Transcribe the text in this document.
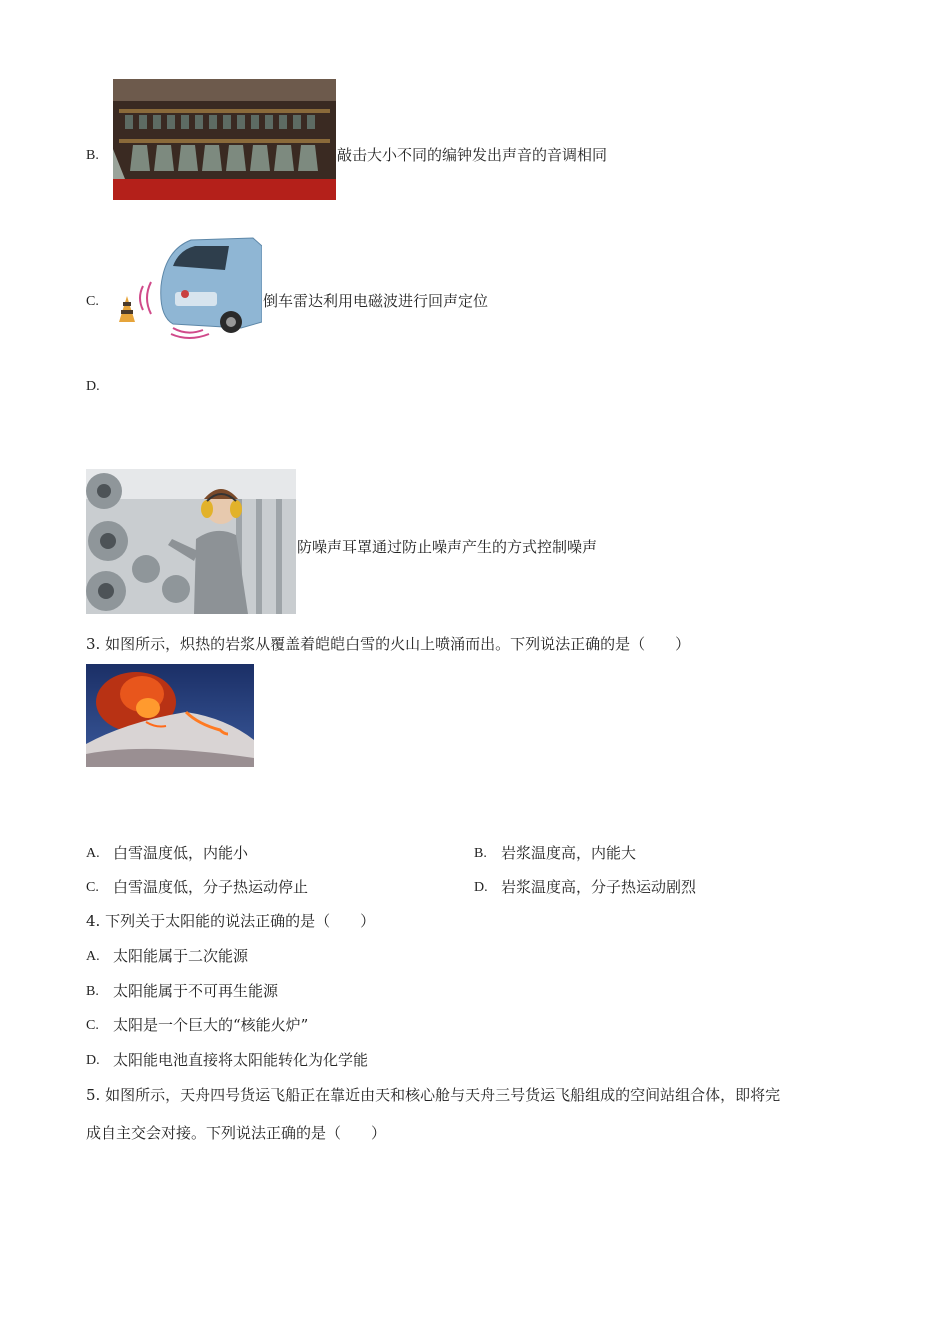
B.	敲击大小不同的编钟发出声音的音调相同
C.	倒车雷达利用电磁波进行回声定位
D.
防噪声耳罩通过防止噪声产生的方式控制噪声
3. 如图所示，炽热的岩浆从覆盖着皑皑白雪的火山上喷涌而出。下列说法正确的是（　　）
A. 白雪温度低，内能小	B. 岩浆温度高，内能大
C. 白雪温度低，分子热运动停止	D. 岩浆温度高，分子热运动剧烈
4. 下列关于太阳能的说法正确的是（　　）
A. 太阳能属于二次能源
B. 太阳能属于不可再生能源
C. 太阳是一个巨大的“核能火炉”
D. 太阳能电池直接将太阳能转化为化学能
5. 如图所示，天舟四号货运飞船正在靠近由天和核心舱与天舟三号货运飞船组成的空间站组合体，即将完
成自主交会对接。下列说法正确的是（　　）
